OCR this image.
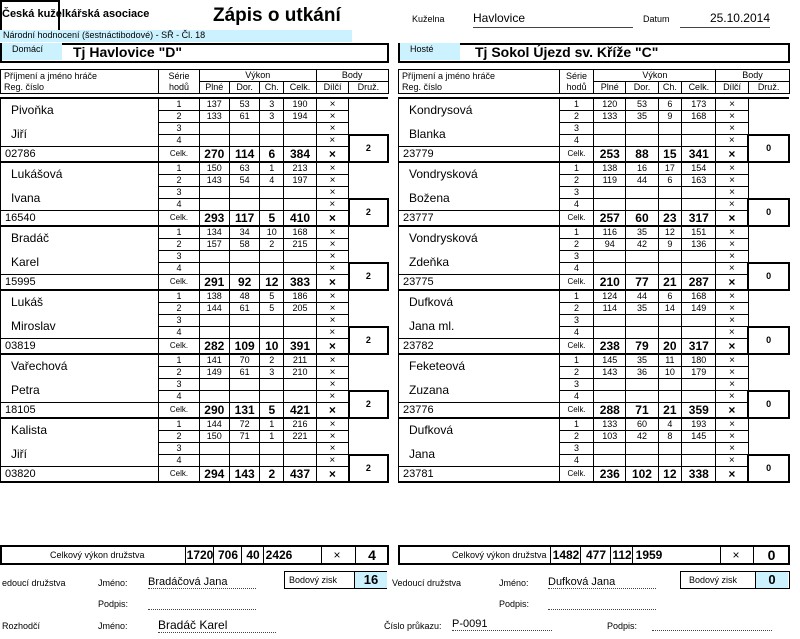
Česká kuželkářská asociace	Zápis o utkání
Národní hodnocení (šestnáctibodové) - SŘ - Čl. 18
Kuželna Havlovice	Datum	25.10.2014
Domácí	Tj Havlovice "D"	Hosté	Tj Sokol Újezd sv. Kříže "C"
Příjmení a jméno hráče
Reg. číslo	Série
hodů	Výkon				Body	
		Plné	Dor.	Ch.	Celk.	Dílčí	Druž.

Pivoňka	1	137	53	3	190	×	
	2	133	61	3	194	×	
Jiří	3					×	
	4					×	2
02786	Celk.	270	114	6	384	×	
Lukášová	1	150	63	1	213	×	
	2	143	54	4	197	×	
Ivana	3					×	
	4					×	2
16540	Celk.	293	117	5	410	×	
Bradáč	1	134	34	10	168	×	
	2	157	58	2	215	×	
Karel	3					×	
	4					×	2
15995	Celk.	291	92	12	383	×	
Lukáš	1	138	48	5	186	×	
	2	144	61	5	205	×	
Miroslav	3					×	
	4					×	2
03819	Celk.	282	109	10	391	×	
Vařechová	1	141	70	2	211	×	
	2	149	61	3	210	×	
Petra	3					×	
	4					×	2
18105	Celk.	290	131	5	421	×	
Kalista	1	144	72	1	216	×	
	2	150	71	1	221	×	
Jiří	3					×	
	4					×	2
03820	Celk.	294	143	2	437	×	
Příjmení a jméno hráče
Reg. číslo	Série
hodů	Výkon				Body	
		Plné	Dor.	Ch.	Celk.	Dílčí	Druž.

Kondrysová	1	120	53	6	173	×	
	2	133	35	9	168	×	
Blanka	3					×	
	4					×	0
23779	Celk.	253	88	15	341	×	
Vondrysková	1	138	16	17	154	×	
	2	119	44	6	163	×	
Božena	3					×	
	4					×	0
23777	Celk.	257	60	23	317	×	
Vondrysková	1	116	35	12	151	×	
	2	94	42	9	136	×	
Zdeňka	3					×	
	4					×	0
23775	Celk.	210	77	21	287	×	
Dufková	1	124	44	6	168	×	
	2	114	35	14	149	×	
Jana ml.	3					×	
	4					×	0
23782	Celk.	238	79	20	317	×	
Feketeová	1	145	35	11	180	×	
	2	143	36	10	179	×	
Zuzana	3					×	
	4					×	0
23776	Celk.	288	71	21	359	×	
Dufková	1	133	60	4	193	×	
	2	103	42	8	145	×	
Jana	3					×	
	4					×	0
23781	Celk.	236	102	12	338	×	
Celkový výkon družstva	1720 706 40 2426	×	4	Celkový výkon družstva 1482 477 112 1959	×	0
edoucí družstva	Jméno: Bradáčová Jana
Podpis:
Bodový zisk	16	Vedoucí družstva	Jméno: Dufková Jana
Podpis:
Bodový zisk	0
Rozhodčí	Jméno:	Bradáč Karel	Číslo průkazu: P-0091	Podpis:
